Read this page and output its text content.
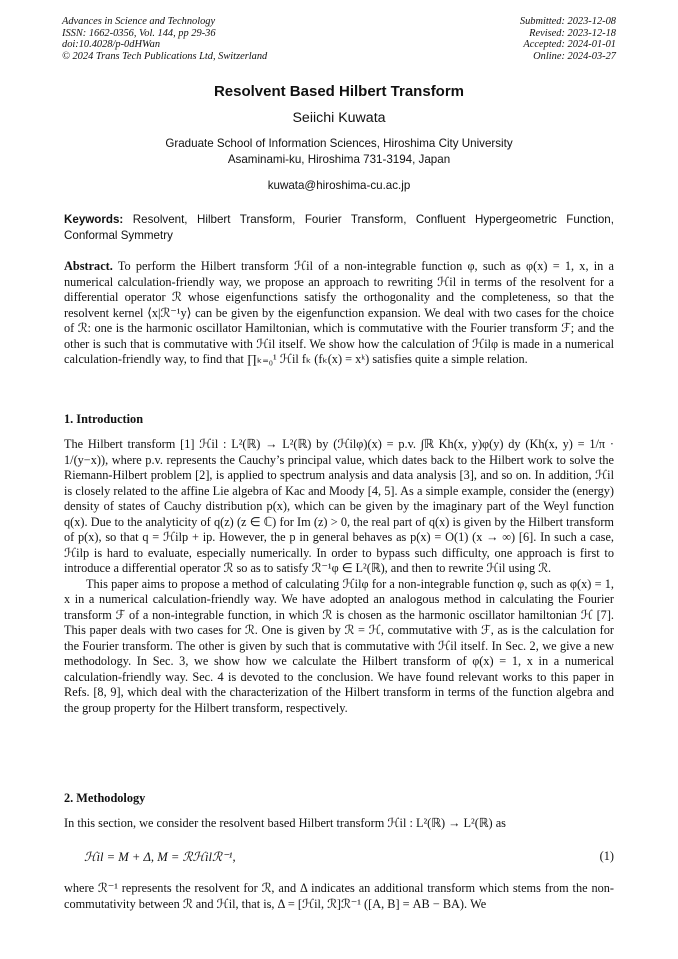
Advances in Science and Technology
ISSN: 1662-0356, Vol. 144, pp 29-36
doi:10.4028/p-0dHWan
© 2024 Trans Tech Publications Ltd, Switzerland
Submitted: 2023-12-08
Revised: 2023-12-18
Accepted: 2024-01-01
Online: 2024-03-27
Resolvent Based Hilbert Transform
Seiichi Kuwata
Graduate School of Information Sciences, Hiroshima City University
Asaminami-ku, Hiroshima 731-3194, Japan
kuwata@hiroshima-cu.ac.jp
Keywords: Resolvent, Hilbert Transform, Fourier Transform, Confluent Hypergeometric Function, Conformal Symmetry

Abstract. To perform the Hilbert transform ℋil of a non-integrable function φ, such as φ(x) = 1, x, in a numerical calculation-friendly way, we propose an approach to rewriting ℋil in terms of the resolvent for a differential operator ℛ whose eigenfunctions satisfy the orthogonality and the completeness, so that the resolvent kernel ⟨x|ℛ⁻¹y⟩ can be given by the eigenfunction expansion. We deal with two cases for the choice of ℛ: one is the harmonic oscillator Hamiltonian, which is commutative with the Fourier transform ℱ; and the other is such that is commutative with ℋil itself. We show how the calculation of ℋilφ is made in a numerical calculation-friendly way, to find that ∏ₖ₌₀¹ ℋil fₖ (fₖ(x) = xᵏ) satisfies quite a simple relation.

1. Introduction

The Hilbert transform [1] ℋil : L²(ℝ) → L²(ℝ) by (ℋilφ)(x) = p.v. ∫ℝ Kh(x, y)φ(y) dy (Kh(x, y) = 1/π · 1/(y−x)), where p.v. represents the Cauchy’s principal value, which dates back to the Hilbert work to solve the Riemann-Hilbert problem [2], is applied to spectrum analysis and data analysis [3], and so on. In addition, ℋil is closely related to the affine Lie algebra of Kac and Moody [4, 5]. As a simple example, consider the (energy) density of states of Cauchy distribution p(x), which can be given by the imaginary part of the Weyl function q(x). Due to the analyticity of q(z) (z ∈ ℂ) for Im (z) > 0, the real part of q(x) is given by the Hilbert transform of p(x), so that q = ℋilp + ip. However, the p in general behaves as p(x) = O(1) (x → ∞) [6]. In such a case, ℋilp is hard to evaluate, especially numerically. In order to bypass such difficulty, one approach is first to introduce a differential operator ℛ so as to satisfy ℛ⁻¹φ ∈ L²(ℝ), and then to rewrite ℋil using ℛ.

This paper aims to propose a method of calculating ℋilφ for a non-integrable function φ, such as φ(x) = 1, x in a numerical calculation-friendly way. We have adopted an analogous method in calculating the Fourier transform ℱ of a non-integrable function, in which ℛ is chosen as the harmonic oscillator hamiltonian ℋ [7]. This paper deals with two cases for ℛ. One is given by ℛ = ℋ, commutative with ℱ, as is the calculation for the Fourier transform. The other is given by such that is commutative with ℋil itself. In Sec. 2, we give a new methodology. In Sec. 3, we show how we calculate the Hilbert transform of φ(x) = 1, x in a numerical calculation-friendly way. Sec. 4 is devoted to the conclusion. We have found relevant works to this paper in Refs. [8, 9], which deal with the characterization of the Hilbert transform in terms of the function algebra and the group property for the Hilbert transform, respectively.

2. Methodology
In this section, we consider the resolvent based Hilbert transform ℋil : L²(ℝ) → L²(ℝ) as
ℋil = M + Δ, M = ℛℋilℛ⁻¹,	(1)
where ℛ⁻¹ represents the resolvent for ℛ, and Δ indicates an additional transform which stems from the non-commutativity between ℛ and ℋil, that is, Δ = [ℋil, ℛ]ℛ⁻¹ ([A, B] = AB − BA). We
